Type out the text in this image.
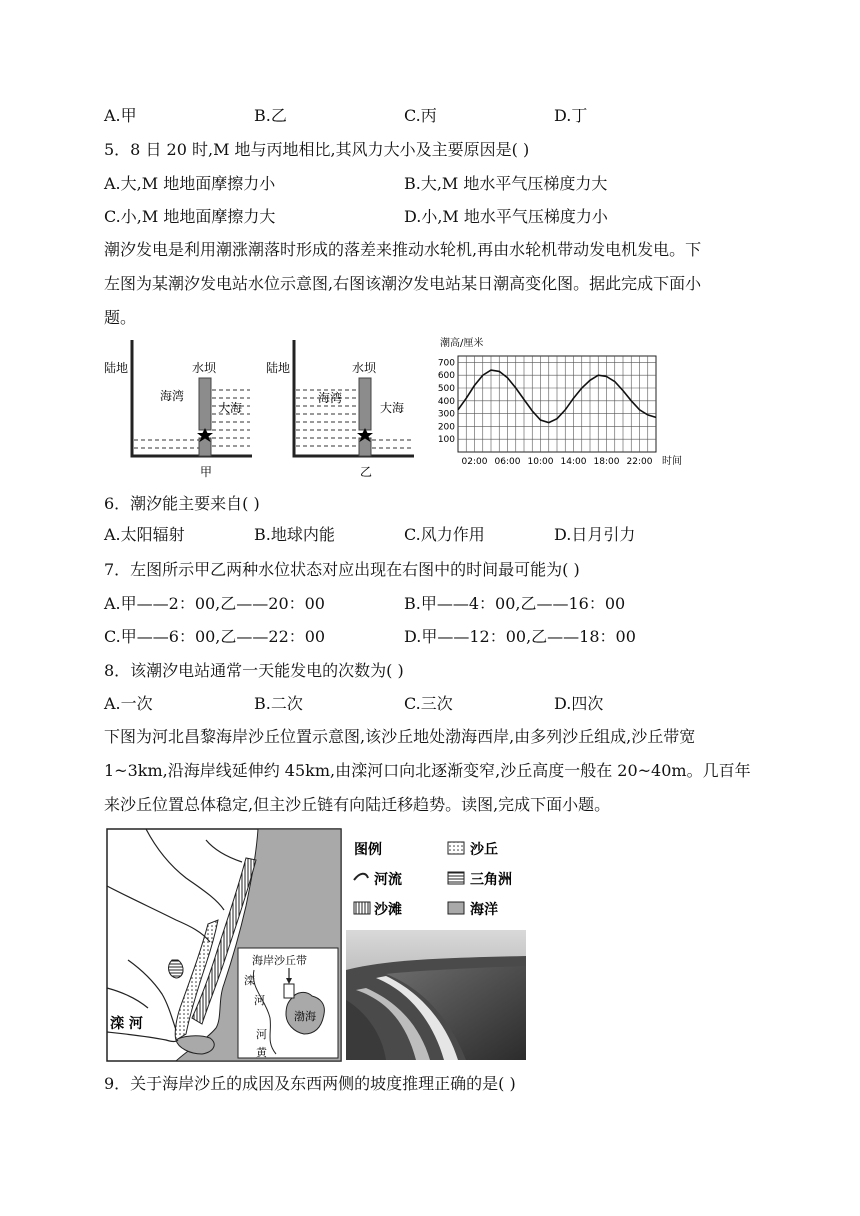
A.甲	B.乙	C.丙	D.丁
5．8 日 20 时,M 地与丙地相比,其风力大小及主要原因是( )
A.大,M 地地面摩擦力小	B.大,M 地水平气压梯度力大
C.小,M 地地面摩擦力大	D.小,M 地水平气压梯度力小
潮汐发电是利用潮涨潮落时形成的落差来推动水轮机,再由水轮机带动发电机发电。下
左图为某潮汐发电站水位示意图,右图该潮汐发电站某日潮高变化图。据此完成下面小
题。
陆地	水坝
海湾
大海
甲
陆地	水坝
海湾
大海
乙
潮高/厘米
时间
100
200
300
400
500
600
700
02:00 06:00 10:00 14:00 18:00 22:00
6．潮汐能主要来自( )
A.太阳辐射	B.地球内能	C.风力作用	D.日月引力
7．左图所示甲乙两种水位状态对应出现在右图中的时间最可能为( )
A.甲——2：00,乙——20：00	B.甲——4：00,乙——16：00
C.甲——6：00,乙——22：00	D.甲——12：00,乙——18：00
8．该潮汐电站通常一天能发电的次数为( )
A.一次	B.二次	C.三次	D.四次
下图为河北昌黎海岸沙丘位置示意图,该沙丘地处渤海西岸,由多列沙丘组成,沙丘带宽
1~3km,沿海岸线延伸约 45km,由滦河口向北逐渐变窄,沙丘高度一般在 20~40m。几百年
来沙丘位置总体稳定,但主沙丘链有向陆迁移趋势。读图,完成下面小题。
滦 河
海岸沙丘带
滦
河
河
渤海
黄
图例	沙丘
河流	三角洲
沙滩	海洋
9．关于海岸沙丘的成因及东西两侧的坡度推理正确的是( )
